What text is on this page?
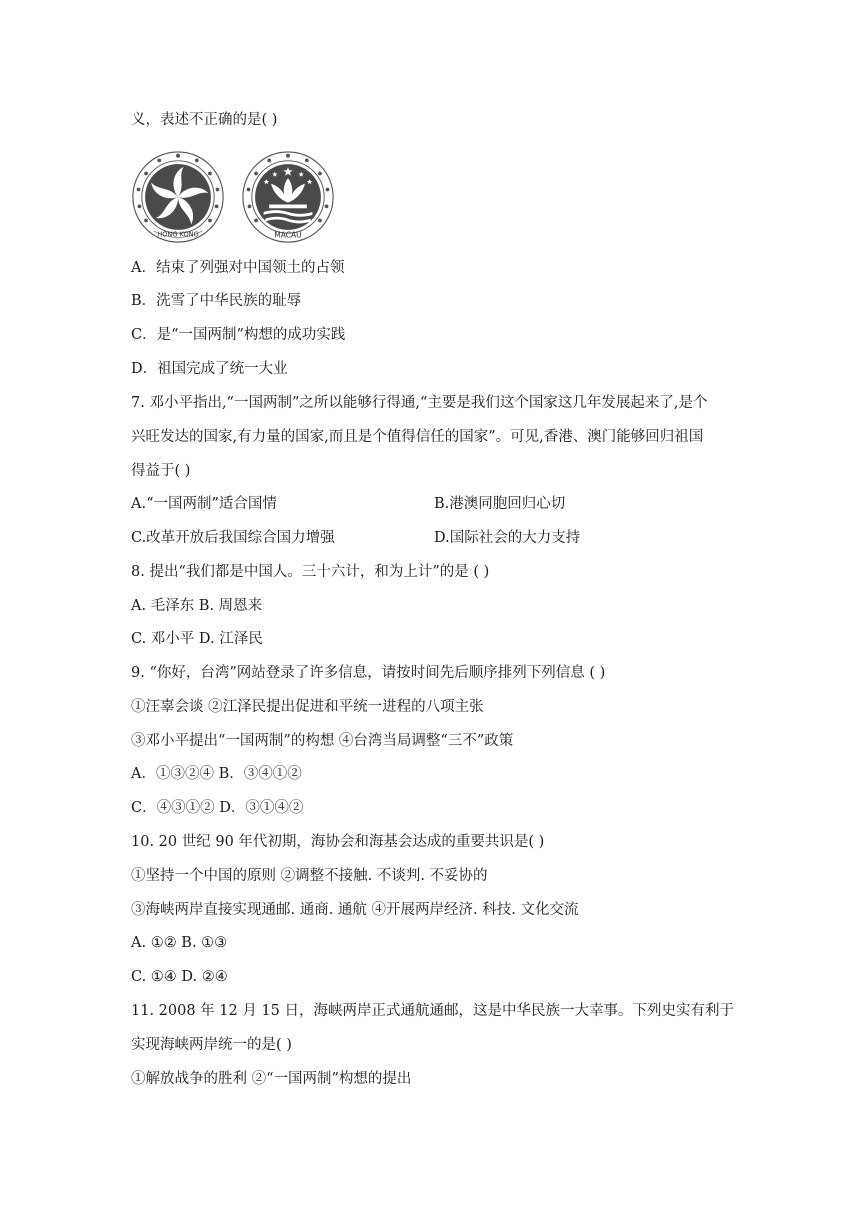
义，表述不正确的是( )
HONG KONG	MACAU
A．结束了列强对中国领土的占领
B．洗雪了中华民族的耻辱
C．是“一国两制”构想的成功实践
D．祖国完成了统一大业
7. 邓小平指出,“一国两制”之所以能够行得通,“主要是我们这个国家这几年发展起来了,是个
兴旺发达的国家,有力量的国家,而且是个值得信任的国家”。可见,香港、澳门能够回归祖国
得益于( )
A.“一国两制”适合国情	B.港澳同胞回归心切
C.改革开放后我国综合国力增强	D.国际社会的大力支持
8. 提出“我们都是中国人。三十六计，和为上计”的是 ( )
A. 毛泽东 B. 周恩来
C. 邓小平 D. 江泽民
9. “你好，台湾”网站登录了许多信息，请按时间先后顺序排列下列信息 ( )
①汪辜会谈 ②江泽民提出促进和平统一进程的八项主张
③邓小平提出“一国两制”的构想 ④台湾当局调整“三不”政策
A．①③②④ B．③④①②
C．④③①② D．③①④②
10. 20 世纪 90 年代初期，海协会和海基会达成的重要共识是( )
①坚持一个中国的原则 ②调整不接触. 不谈判. 不妥协的
③海峡两岸直接实现通邮. 通商. 通航 ④开展两岸经济. 科技. 文化交流
A. ①② B. ①③
C. ①④ D. ②④
11. 2008 年 12 月 15 日，海峡两岸正式通航通邮，这是中华民族一大幸事。下列史实有利于
实现海峡两岸统一的是( )
①解放战争的胜利 ②“一国两制”构想的提出
